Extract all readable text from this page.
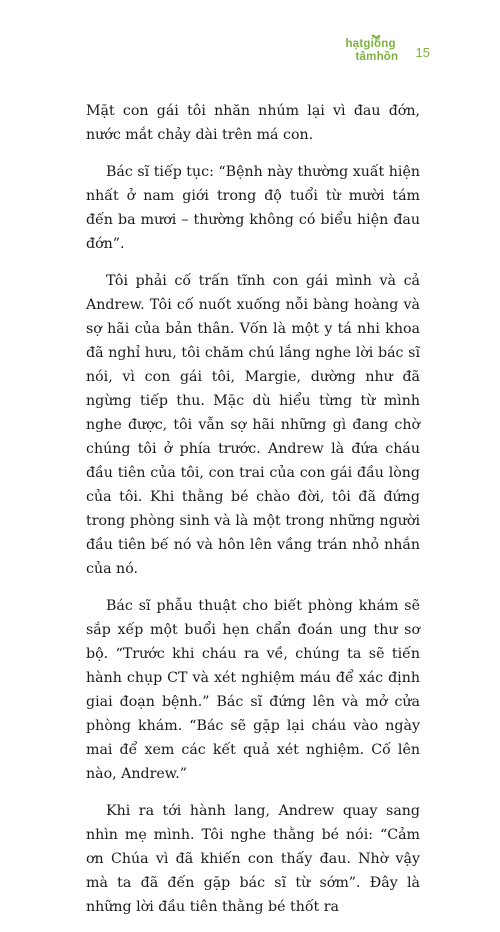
hạtgiống
tâmhồn 15

Mặt con gái tôi nhăn nhúm lại vì đau đớn, nước mắt chảy dài trên má con.

Bác sĩ tiếp tục: “Bệnh này thường xuất hiện nhất ở nam giới trong độ tuổi từ mười tám đến ba mươi – thường không có biểu hiện đau đớn”.

Tôi phải cố trấn tĩnh con gái mình và cả Andrew. Tôi cố nuốt xuống nỗi bàng hoàng và sợ hãi của bản thân. Vốn là một y tá nhi khoa đã nghỉ hưu, tôi chăm chú lắng nghe lời bác sĩ nói, vì con gái tôi, Margie, dường như đã ngừng tiếp thu. Mặc dù hiểu từng từ mình nghe được, tôi vẫn sợ hãi những gì đang chờ chúng tôi ở phía trước. Andrew là đứa cháu đầu tiên của tôi, con trai của con gái đầu lòng của tôi. Khi thằng bé chào đời, tôi đã đứng trong phòng sinh và là một trong những người đầu tiên bế nó và hôn lên vầng trán nhỏ nhắn của nó.

Bác sĩ phẫu thuật cho biết phòng khám sẽ sắp xếp một buổi hẹn chẩn đoán ung thư sơ bộ. “Trước khi cháu ra về, chúng ta sẽ tiến hành chụp CT và xét nghiệm máu để xác định giai đoạn bệnh.” Bác sĩ đứng lên và mở cửa phòng khám. “Bác sẽ gặp lại cháu vào ngày mai để xem các kết quả xét nghiệm. Cố lên nào, Andrew.”

Khi ra tới hành lang, Andrew quay sang nhìn mẹ mình. Tôi nghe thằng bé nói: “Cảm ơn Chúa vì đã khiến con thấy đau. Nhờ vậy mà ta đã đến gặp bác sĩ từ sớm”. Đây là những lời đầu tiên thằng bé thốt ra
